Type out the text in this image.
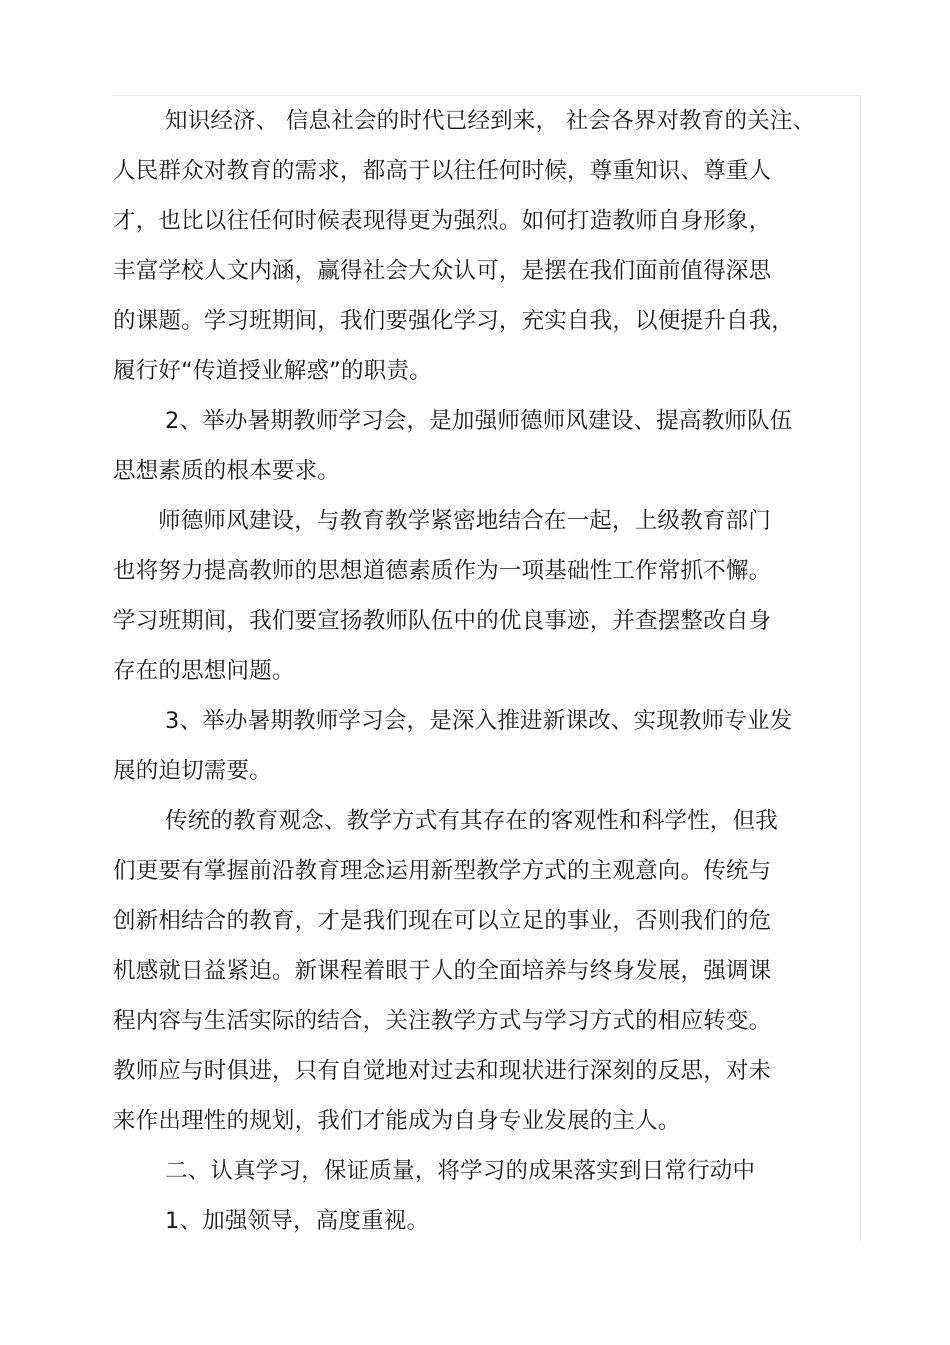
知识经济、 信息社会的时代已经到来， 社会各界对教育的关注、
人民群众对教育的需求，都高于以往任何时候，尊重知识、尊重人
才，也比以往任何时候表现得更为强烈。如何打造教师自身形象，
丰富学校人文内涵，赢得社会大众认可，是摆在我们面前值得深思
的课题。学习班期间，我们要强化学习，充实自我，以便提升自我，
履行好“传道授业解惑”的职责。
2、举办暑期教师学习会，是加强师德师风建设、提高教师队伍
思想素质的根本要求。
师德师风建设，与教育教学紧密地结合在一起，上级教育部门
也将努力提高教师的思想道德素质作为一项基础性工作常抓不懈。
学习班期间，我们要宣扬教师队伍中的优良事迹，并查摆整改自身
存在的思想问题。
3、举办暑期教师学习会，是深入推进新课改、实现教师专业发
展的迫切需要。
传统的教育观念、教学方式有其存在的客观性和科学性，但我
们更要有掌握前沿教育理念运用新型教学方式的主观意向。传统与
创新相结合的教育，才是我们现在可以立足的事业，否则我们的危
机感就日益紧迫。新课程着眼于人的全面培养与终身发展，强调课
程内容与生活实际的结合，关注教学方式与学习方式的相应转变。
教师应与时俱进，只有自觉地对过去和现状进行深刻的反思，对未
来作出理性的规划，我们才能成为自身专业发展的主人。
二、认真学习，保证质量，将学习的成果落实到日常行动中
1、加强领导，高度重视。
